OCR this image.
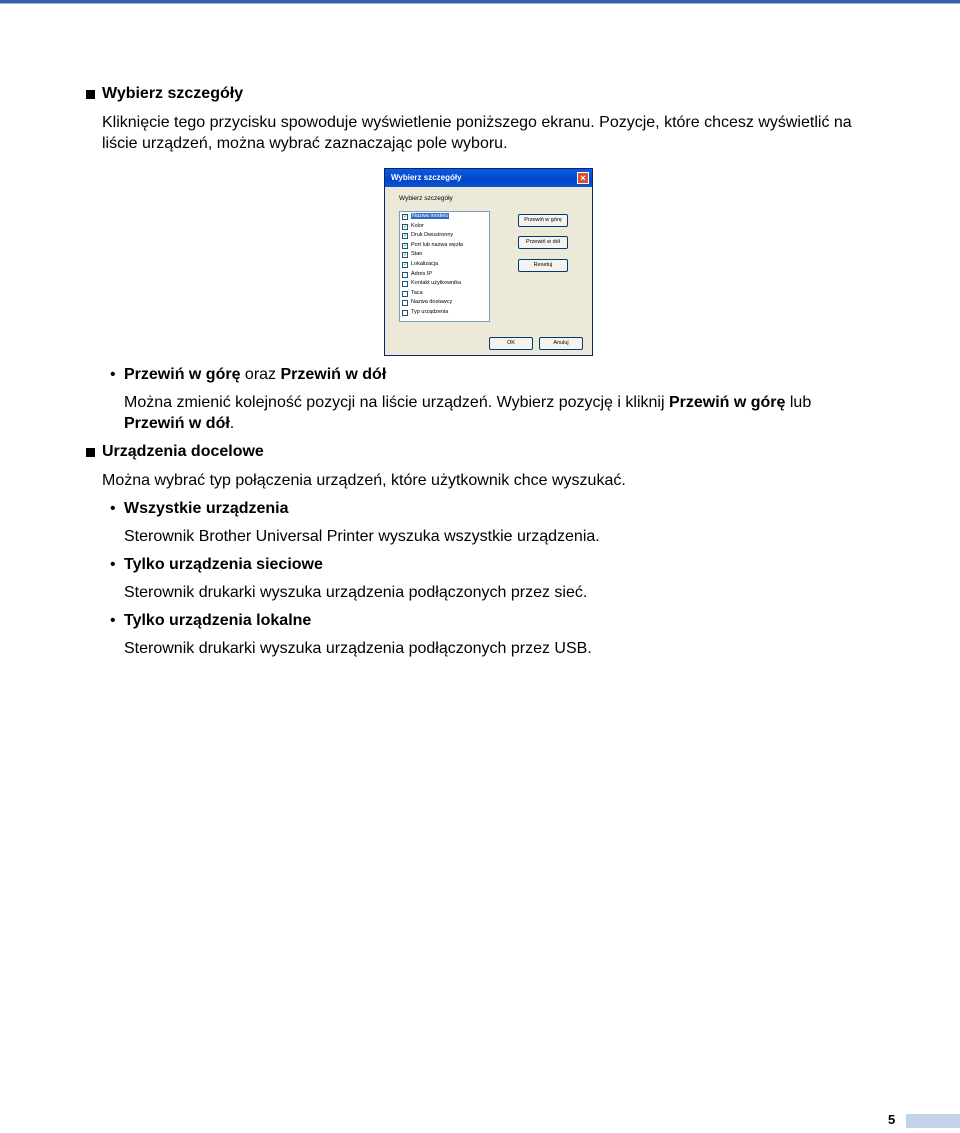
Wybierz szczegóły
Kliknięcie tego przycisku spowoduje wyświetlenie poniższego ekranu. Pozycje, które chcesz wyświetlić na
liście urządzeń, można wybrać zaznaczając pole wyboru.
Wybierz szczegóły	×
Wybierz szczegóły
✓ Nazwa modelu
✓ Kolor
✓ Druk Dwustronny
✓ Port lub nazwa węzła
✓ Stan
✓ Lokalizacja
Adres IP
Kontakt użytkownika
Taca
Nazwa dostawcy
Typ urządzenia
Przewiń w górę
Przewiń w dół
Resetuj
OK	Anuluj
• Przewiń w górę oraz Przewiń w dół
Można zmienić kolejność pozycji na liście urządzeń. Wybierz pozycję i kliknij Przewiń w górę lub
Przewiń w dół.
Urządzenia docelowe
Można wybrać typ połączenia urządzeń, które użytkownik chce wyszukać.
• Wszystkie urządzenia
Sterownik Brother Universal Printer wyszuka wszystkie urządzenia.
• Tylko urządzenia sieciowe
Sterownik drukarki wyszuka urządzenia podłączonych przez sieć.
• Tylko urządzenia lokalne
Sterownik drukarki wyszuka urządzenia podłączonych przez USB.
5
